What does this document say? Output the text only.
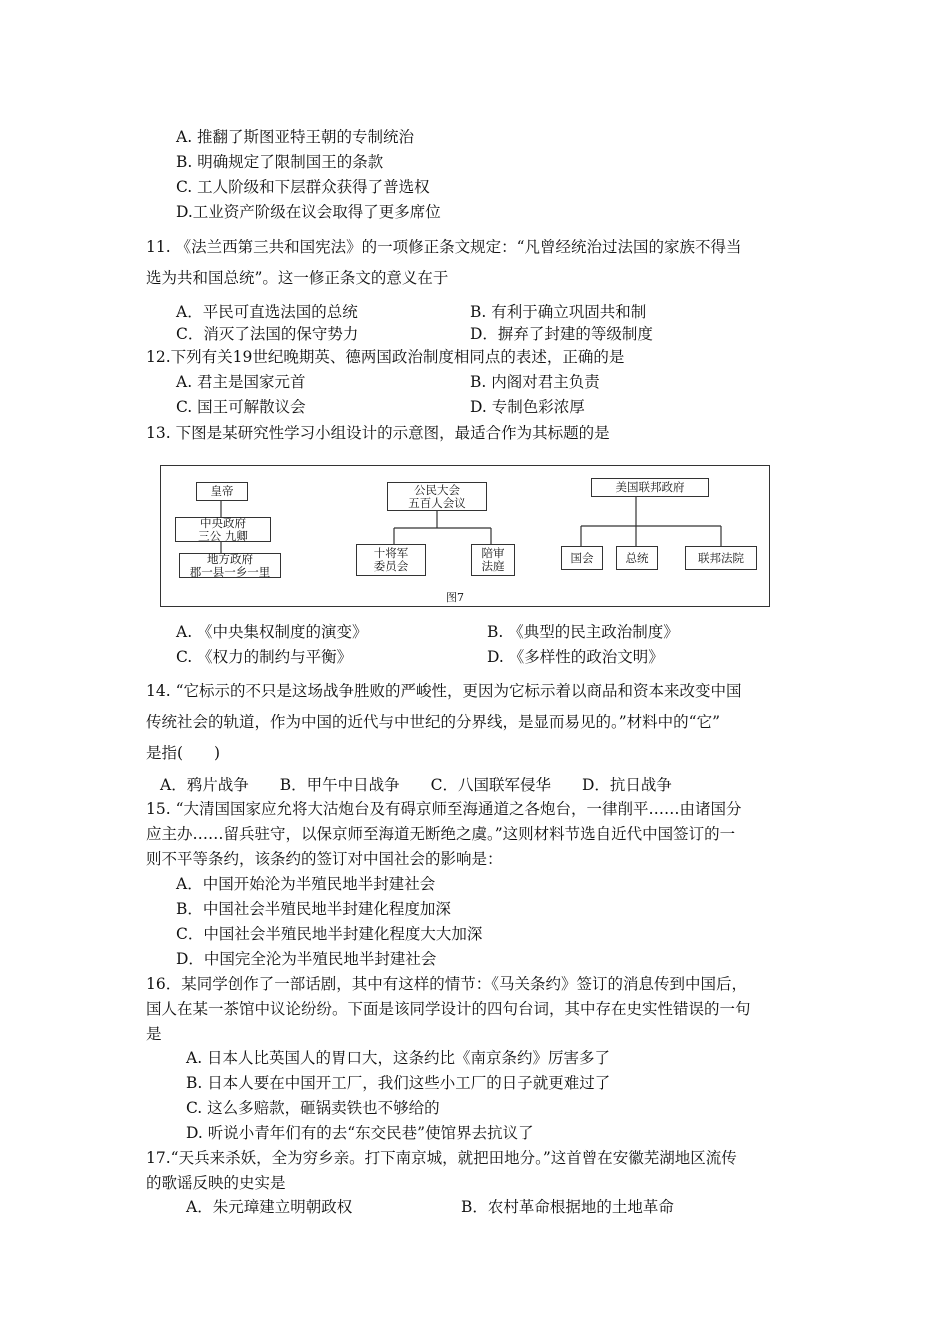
A. 推翻了斯图亚特王朝的专制统治
B. 明确规定了限制国王的条款
C. 工人阶级和下层群众获得了普选权
D.工业资产阶级在议会取得了更多席位
11. 《法兰西第三共和国宪法》的一项修正条文规定：“凡曾经统治过法国的家族不得当
选为共和国总统”。这一修正条文的意义在于
A．平民可直选法国的总统	B. 有利于确立巩固共和制
C．消灭了法国的保守势力	D．摒弃了封建的等级制度
12.下列有关19世纪晚期英、德两国政治制度相同点的表述，正确的是
A. 君主是国家元首	B. 内阁对君主负责
C. 国王可解散议会	D. 专制色彩浓厚
13. 下图是某研究性学习小组设计的示意图，最适合作为其标题的是
皇帝
中央政府
三公 九卿
地方政府
郡一县一乡一里
公民大会
五百人会议
十将军
委员会
陪审
法庭
美国联邦政府
国会	总统	联邦法院
图7
A. 《中央集权制度的演变》	B. 《典型的民主政治制度》
C. 《权力的制约与平衡》	D. 《多样性的政治文明》
14. “它标示的不只是这场战争胜败的严峻性，更因为它标示着以商品和资本来改变中国
传统社会的轨道，作为中国的近代与中世纪的分界线，是显而易见的。”材料中的“它”
是指(　　)
A．鸦片战争　　B．甲午中日战争　　C．八国联军侵华　　D．抗日战争
15. “大清国国家应允将大沽炮台及有碍京师至海通道之各炮台，一律削平……由诸国分
应主办……留兵驻守，以保京师至海道无断绝之虞。”这则材料节选自近代中国签订的一
则不平等条约，该条约的签订对中国社会的影响是：
A．中国开始沦为半殖民地半封建社会
B．中国社会半殖民地半封建化程度加深
C．中国社会半殖民地半封建化程度大大加深
D．中国完全沦为半殖民地半封建社会
16．某同学创作了一部话剧，其中有这样的情节：《马关条约》签订的消息传到中国后，
国人在某一茶馆中议论纷纷。下面是该同学设计的四句台词，其中存在史实性错误的一句
是
A. 日本人比英国人的胃口大，这条约比《南京条约》厉害多了
B. 日本人要在中国开工厂，我们这些小工厂的日子就更难过了
C. 这么多赔款，砸锅卖铁也不够给的
D. 听说小青年们有的去“东交民巷”使馆界去抗议了
17.“天兵来杀妖，全为穷乡亲。打下南京城，就把田地分。”这首曾在安徽芜湖地区流传
的歌谣反映的史实是
A．朱元璋建立明朝政权	B．农村革命根据地的土地革命
